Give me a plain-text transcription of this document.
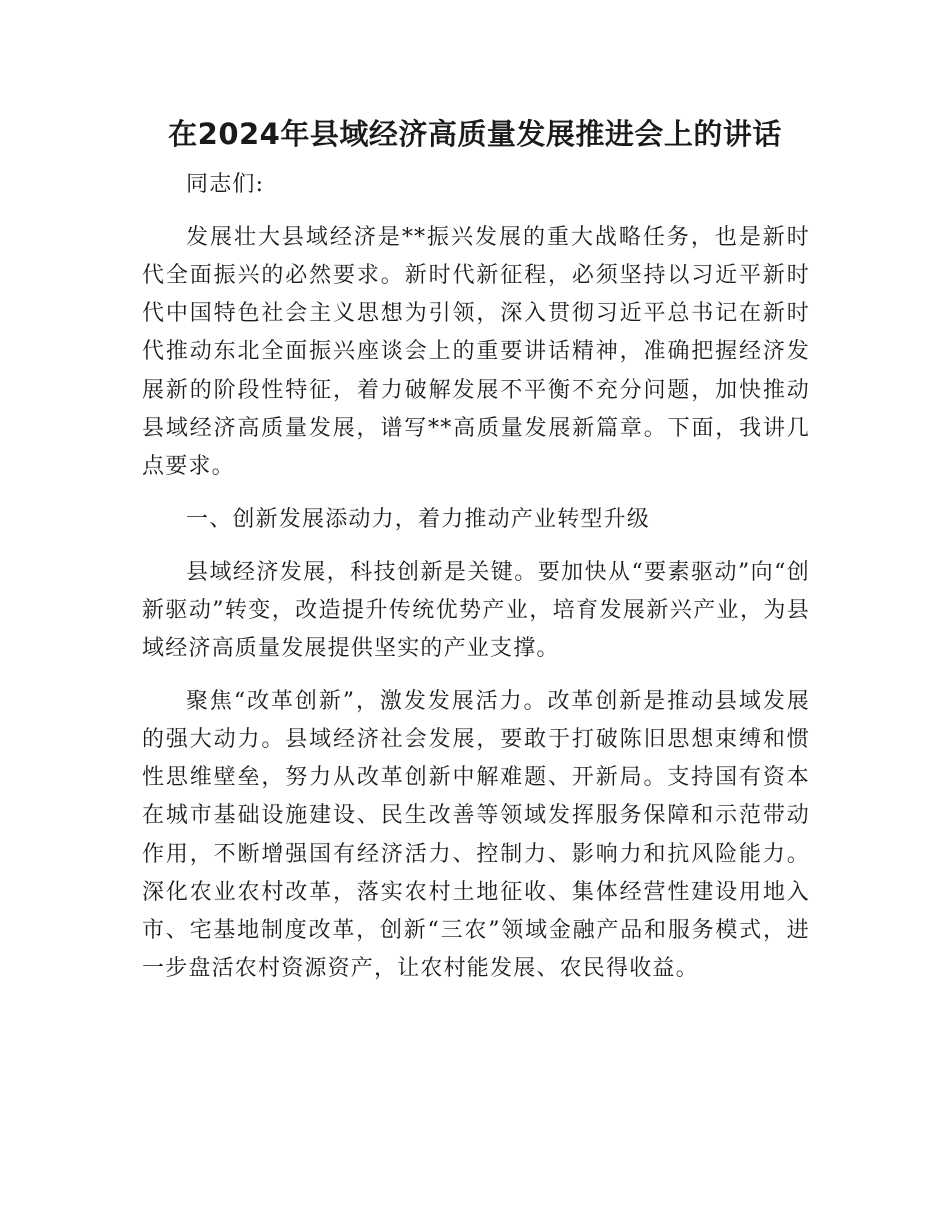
在2024年县域经济高质量发展推进会上的讲话

同志们:

发展壮大县域经济是**振兴发展的重大战略任务，也是新时代全面振兴的必然要求。新时代新征程，必须坚持以习近平新时代中国特色社会主义思想为引领，深入贯彻习近平总书记在新时代推动东北全面振兴座谈会上的重要讲话精神，准确把握经济发展新的阶段性特征，着力破解发展不平衡不充分问题，加快推动县域经济高质量发展，谱写**高质量发展新篇章。下面，我讲几点要求。

一、创新发展添动力，着力推动产业转型升级

县域经济发展，科技创新是关键。要加快从“要素驱动”向“创新驱动”转变，改造提升传统优势产业，培育发展新兴产业，为县域经济高质量发展提供坚实的产业支撑。

聚焦“改革创新”，激发发展活力。改革创新是推动县域发展的强大动力。县域经济社会发展，要敢于打破陈旧思想束缚和惯性思维壁垒，努力从改革创新中解难题、开新局。支持国有资本在城市基础设施建设、民生改善等领域发挥服务保障和示范带动作用，不断增强国有经济活力、控制力、影响力和抗风险能力。深化农业农村改革，落实农村土地征收、集体经营性建设用地入市、宅基地制度改革，创新“三农”领域金融产品和服务模式，进一步盘活农村资源资产，让农村能发展、农民得收益。
